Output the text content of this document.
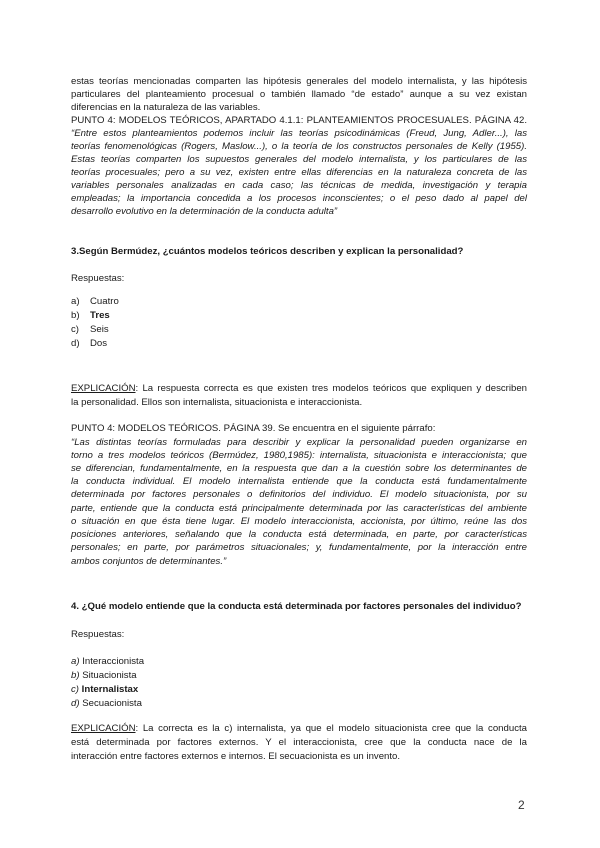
estas teorías mencionadas comparten las hipótesis generales del modelo internalista, y las hipótesis
particulares del planteamiento procesual o también llamado “de estado” aunque a su vez existan
diferencias en la naturaleza de las variables.
PUNTO 4: MODELOS TEÓRICOS, APARTADO 4.1.1: PLANTEAMIENTOS PROCESUALES. PÁGINA 42.
“Entre estos planteamientos podemos incluir las teorías psicodinámicas (Freud, Jung, Adler...), las
teorías fenomenológicas (Rogers, Maslow...), o la teoría de los constructos personales de Kelly (1955).
Estas teorías comparten los supuestos generales del modelo internalista, y los particulares de las
teorías procesuales; pero a su vez, existen entre ellas diferencias en la naturaleza concreta de las
variables personales analizadas en cada caso; las técnicas de medida, investigación y terapia
empleadas; la importancia concedida a los procesos inconscientes; o el peso dado al papel del
desarrollo evolutivo en la determinación de la conducta adulta”
3.Según Bermúdez, ¿cuántos modelos teóricos describen y explican la personalidad?
Respuestas:
a) Cuatro
b) Tres
c) Seis
d) Dos
EXPLICACIÓN: La respuesta correcta es que existen tres modelos teóricos que expliquen y describen
la personalidad. Ellos son internalista, situacionista e interaccionista.
PUNTO 4: MODELOS TEÓRICOS. PÁGINA 39. Se encuentra en el siguiente párrafo:
“Las distintas teorías formuladas para describir y explicar la personalidad pueden organizarse en
torno a tres modelos teóricos (Bermúdez, 1980,1985): internalista, situacionista e interaccionista; que
se diferencian, fundamentalmente, en la respuesta que dan a la cuestión sobre los determinantes de
la conducta individual. El modelo internalista entiende que la conducta está fundamentalmente
determinada por factores personales o definitorios del individuo. El modelo situacionista, por su
parte, entiende que la conducta está principalmente determinada por las características del ambiente
o situación en que ésta tiene lugar. El modelo interaccionista, accionista, por último, reúne las dos
posiciones anteriores, señalando que la conducta está determinada, en parte, por características
personales; en parte, por parámetros situacionales; y, fundamentalmente, por la interacción entre
ambos conjuntos de determinantes.”
4. ¿Qué modelo entiende que la conducta está determinada por factores personales del individuo?
Respuestas:
a) Interaccionista
b) Situacionista
c) Internalistax
d) Secuacionista
EXPLICACIÓN: La correcta es la c) internalista, ya que el modelo situacionista cree que la conducta
está determinada por factores externos. Y el interaccionista, cree que la conducta nace de la
interacción entre factores externos e internos. El secuacionista es un invento.
2
